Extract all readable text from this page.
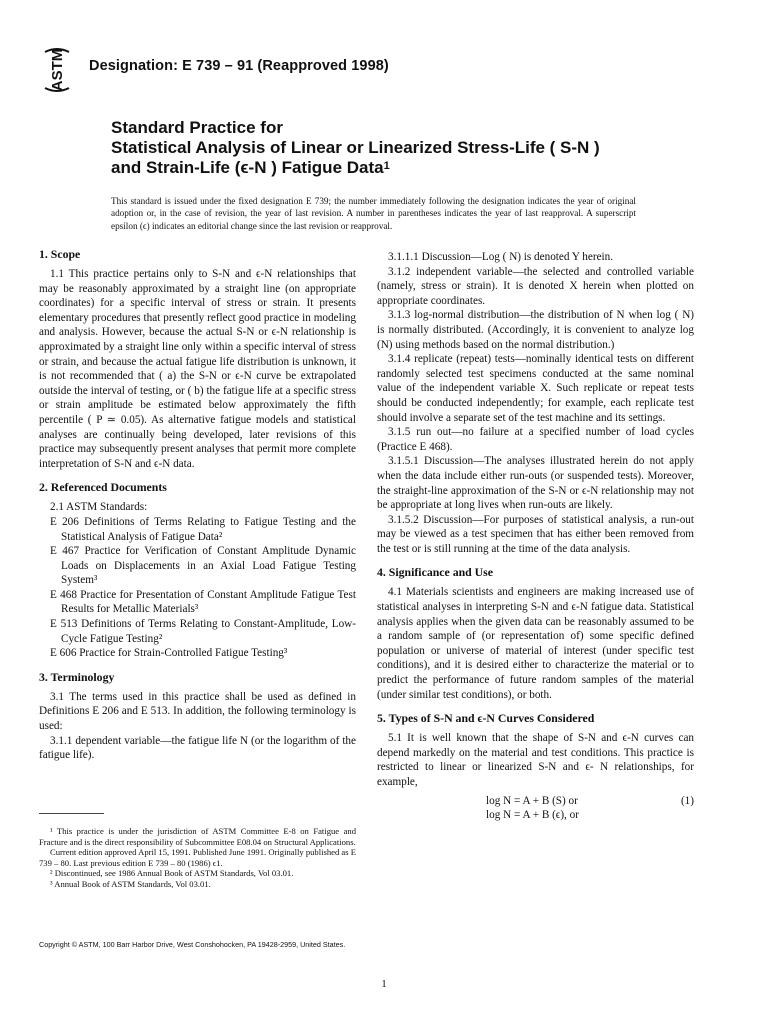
ASTM Designation: E 739 – 91 (Reapproved 1998)
Standard Practice for
Statistical Analysis of Linear or Linearized Stress-Life ( S-N )
and Strain-Life (ϵ-N ) Fatigue Data$^1$
This standard is issued under the fixed designation E 739; the number immediately following the designation indicates the year of original adoption or, in the case of revision, the year of last revision. A number in parentheses indicates the year of last reapproval. A superscript epsilon (ϵ) indicates an editorial change since the last revision or reapproval.
1. Scope

1.1 This practice pertains only to S-N and ϵ-N relationships that may be reasonably approximated by a straight line (on appropriate coordinates) for a specific interval of stress or strain. It presents elementary procedures that presently reflect good practice in modeling and analysis. However, because the actual S-N or ϵ-N relationship is approximated by a straight line only within a specific interval of stress or strain, and because the actual fatigue life distribution is unknown, it is not recommended that ( a) the S-N or ϵ-N curve be extrapolated outside the interval of testing, or ( b) the fatigue life at a specific stress or strain amplitude be estimated below approximately the fifth percentile ( P ≃ 0.05). As alternative fatigue models and statistical analyses are continually being developed, later revisions of this practice may subsequently present analyses that permit more complete interpretation of S-N and ϵ-N data.

2. Referenced Documents

2.1 ASTM Standards:

E 206 Definitions of Terms Relating to Fatigue Testing and the Statistical Analysis of Fatigue Data²

E 467 Practice for Verification of Constant Amplitude Dynamic Loads on Displacements in an Axial Load Fatigue Testing System³

E 468 Practice for Presentation of Constant Amplitude Fatigue Test Results for Metallic Materials³

E 513 Definitions of Terms Relating to Constant-Amplitude, Low-Cycle Fatigue Testing²

E 606 Practice for Strain-Controlled Fatigue Testing³

3. Terminology

3.1 The terms used in this practice shall be used as defined in Definitions E 206 and E 513. In addition, the following terminology is used:

3.1.1 dependent variable—the fatigue life N (or the logarithm of the fatigue life).

¹ This practice is under the jurisdiction of ASTM Committee E-8 on Fatigue and Fracture and is the direct responsibility of Subcommittee E08.04 on Structural Applications.

Current edition approved April 15, 1991. Published June 1991. Originally published as E 739 – 80. Last previous edition E 739 – 80 (1986) ϵ1.

² Discontinued, see 1986 Annual Book of ASTM Standards, Vol 03.01.

³ Annual Book of ASTM Standards, Vol 03.01.

3.1.1.1 Discussion—Log ( N) is denoted Y herein.

3.1.2 independent variable—the selected and controlled variable (namely, stress or strain). It is denoted X herein when plotted on appropriate coordinates.

3.1.3 log-normal distribution—the distribution of N when log ( N) is normally distributed. (Accordingly, it is convenient to analyze log (N) using methods based on the normal distribution.)

3.1.4 replicate (repeat) tests—nominally identical tests on different randomly selected test specimens conducted at the same nominal value of the independent variable X. Such replicate or repeat tests should be conducted independently; for example, each replicate test should involve a separate set of the test machine and its settings.

3.1.5 run out—no failure at a specified number of load cycles (Practice E 468).

3.1.5.1 Discussion—The analyses illustrated herein do not apply when the data include either run-outs (or suspended tests). Moreover, the straight-line approximation of the S-N or ϵ-N relationship may not be appropriate at long lives when run-outs are likely.

3.1.5.2 Discussion—For purposes of statistical analysis, a run-out may be viewed as a test specimen that has either been removed from the test or is still running at the time of the data analysis.

4. Significance and Use

4.1 Materials scientists and engineers are making increased use of statistical analyses in interpreting S-N and ϵ-N fatigue data. Statistical analysis applies when the given data can be reasonably assumed to be a random sample of (or representation of) some specific defined population or universe of material of interest (under specific test conditions), and it is desired either to characterize the material or to predict the performance of future random samples of the material (under similar test conditions), or both.

5. Types of S-N and ϵ-N Curves Considered

5.1 It is well known that the shape of S-N and ϵ-N curves can depend markedly on the material and test conditions. This practice is restricted to linear or linearized S-N and ϵ- N relationships, for example,

log N = A + B (S) or	(1)
log N = A + B (ϵ), or
Copyright © ASTM, 100 Barr Harbor Drive, West Conshohocken, PA 19428-2959, United States.
1
